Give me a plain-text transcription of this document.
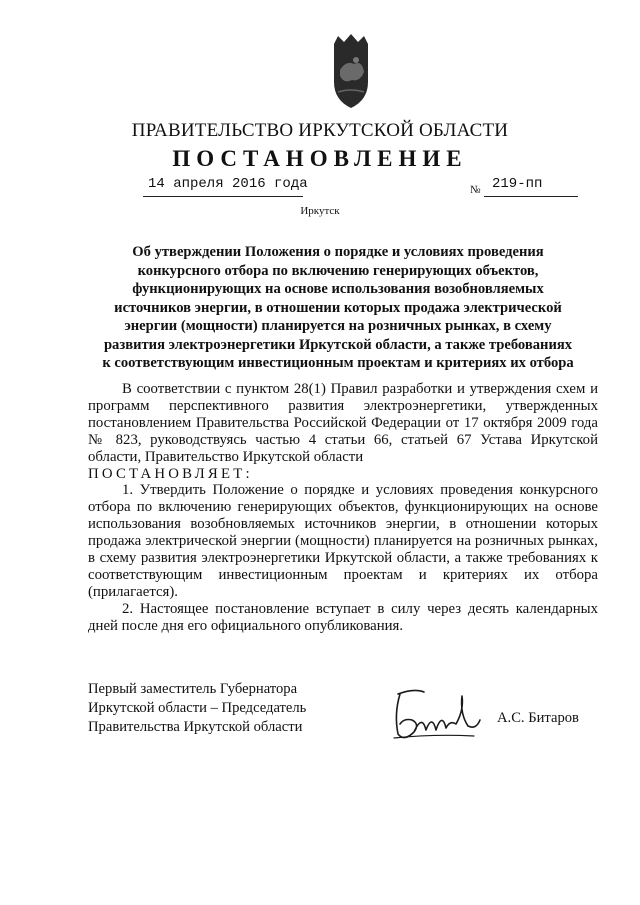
ПРАВИТЕЛЬСТВО ИРКУТСКОЙ ОБЛАСТИ
ПОСТАНОВЛЕНИЕ
14 апреля 2016 года	№ 219-пп
Иркутск
Об утверждении Положения о порядке и условиях проведения
конкурсного отбора по включению генерирующих объектов,
функционирующих на основе использования возобновляемых
источников энергии, в отношении которых продажа электрической
энергии (мощности) планируется на розничных рынках, в схему
развития электроэнергетики Иркутской области, а также требованиях
к соответствующим инвестиционным проектам и критериях их отбора

В соответствии с пунктом 28(1) Правил разработки и утверждения схем и программ перспективного развития электроэнергетики, утвержденных постановлением Правительства Российской Федерации от 17 октября 2009 года № 823, руководствуясь частью 4 статьи 66, статьей 67 Устава Иркутской области, Правительство Иркутской области

ПОСТАНОВЛЯЕТ:

1. Утвердить Положение о порядке и условиях проведения конкурсного отбора по включению генерирующих объектов, функционирующих на основе использования возобновляемых источников энергии, в отношении которых продажа электрической энергии (мощности) планируется на розничных рынках, в схему развития электроэнергетики Иркутской области, а также требованиях к соответствующим инвестиционным проектам и критериях их отбора (прилагается).

2. Настоящее постановление вступает в силу через десять календарных дней после дня его официального опубликования.

Первый заместитель Губернатора
Иркутской области – Председатель
Правительства Иркутской области
А.С. Битаров
